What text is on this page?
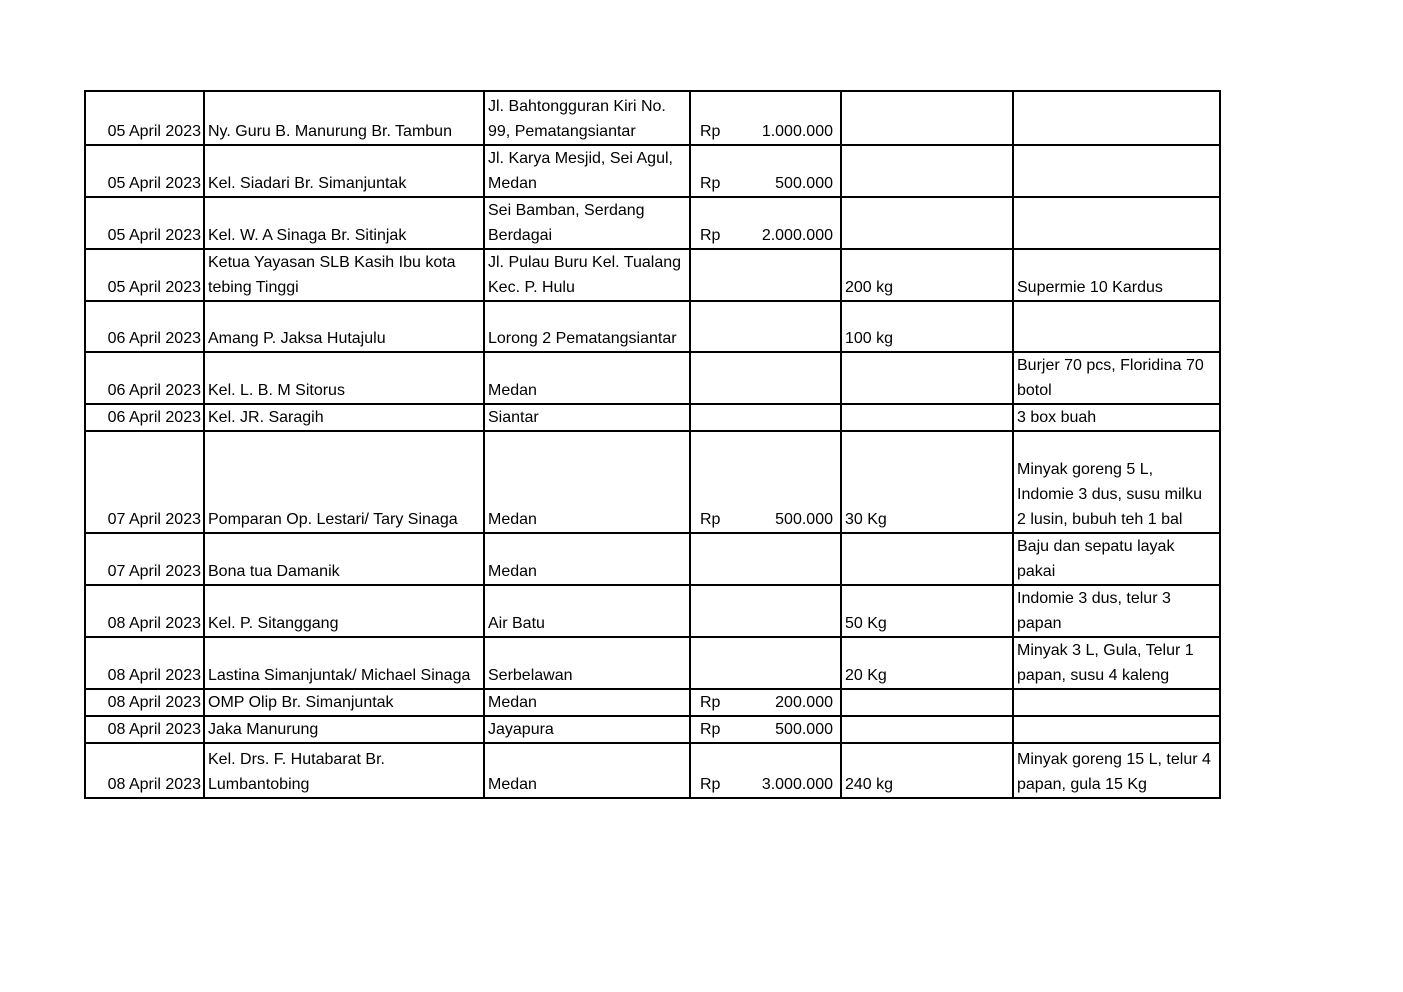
05 April 2023	Ny. Guru B. Manurung Br. Tambun	Jl. Bahtongguran Kiri No.
99, Pematangsiantar	Rp 1.000.000		

05 April 2023	Kel. Siadari Br. Simanjuntak	Jl. Karya Mesjid, Sei Agul,
Medan	Rp 500.000		

05 April 2023	Kel. W. A Sinaga Br. Sitinjak	Sei Bamban, Serdang
Berdagai	Rp 2.000.000		

05 April 2023	Ketua Yayasan SLB Kasih Ibu kota
tebing Tinggi	Jl. Pulau Buru Kel. Tualang
Kec. P. Hulu		200 kg	Supermie 10 Kardus

06 April 2023	Amang P. Jaksa Hutajulu	Lorong 2 Pematangsiantar		100 kg	
06 April 2023	Kel. L. B. M Sitorus	Medan			Burjer 70 pcs, Floridina 70
botol

06 April 2023	Kel. JR. Saragih	Siantar			3 box buah

07 April 2023	Pomparan Op. Lestari/ Tary Sinaga	Medan	Rp 500.000	30 Kg	Minyak goreng 5 L,
Indomie 3 dus, susu milku
2 lusin, bubuh teh 1 bal

07 April 2023	Bona tua Damanik	Medan			Baju dan sepatu layak
pakai

08 April 2023	Kel. P. Sitanggang	Air Batu		50 Kg	Indomie 3 dus, telur 3
papan

08 April 2023	Lastina Simanjuntak/ Michael Sinaga	Serbelawan		20 Kg	Minyak 3 L, Gula, Telur 1
papan, susu 4 kaleng

08 April 2023	OMP Olip Br. Simanjuntak	Medan	Rp 200.000		

08 April 2023	Jaka Manurung	Jayapura	Rp 500.000		

08 April 2023	Kel. Drs. F. Hutabarat Br.
Lumbantobing	Medan	Rp 3.000.000	240 kg	Minyak goreng 15 L, telur 4
papan, gula 15 Kg
